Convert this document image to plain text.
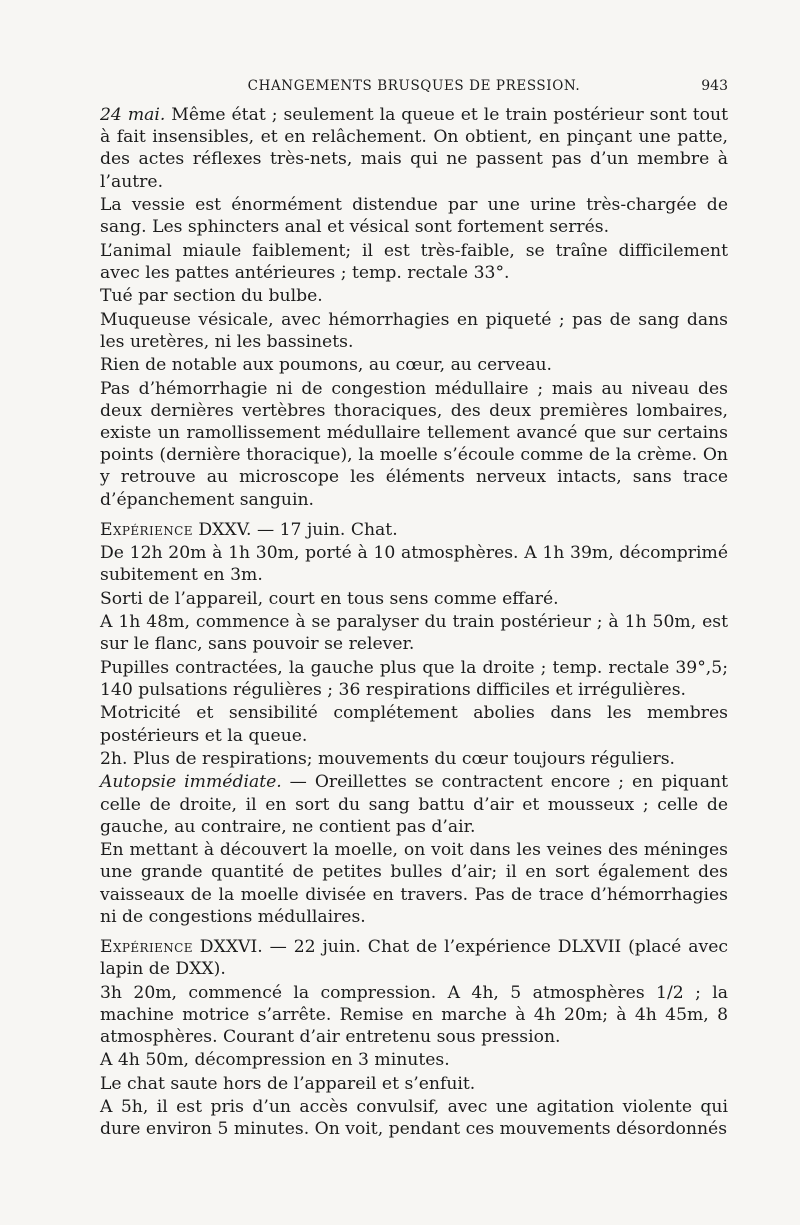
CHANGEMENTS BRUSQUES DE PRESSION.	943

24 mai. Même état ; seulement la queue et le train postérieur sont tout à fait insensibles, et en relâchement. On obtient, en pinçant une patte, des actes réflexes très-nets, mais qui ne passent pas d’un membre à l’autre.

La vessie est énormément distendue par une urine très-chargée de sang. Les sphincters anal et vésical sont fortement serrés.

L’animal miaule faiblement; il est très-faible, se traîne difficilement avec les pattes antérieures ; temp. rectale 33°.

Tué par section du bulbe.

Muqueuse vésicale, avec hémorrhagies en piqueté ; pas de sang dans les uretères, ni les bassinets.

Rien de notable aux poumons, au cœur, au cerveau.

Pas d’hémorrhagie ni de congestion médullaire ; mais au niveau des deux dernières vertèbres thoraciques, des deux premières lombaires, existe un ramollissement médullaire tellement avancé que sur certains points (dernière thoracique), la moelle s’écoule comme de la crème. On y retrouve au microscope les éléments nerveux intacts, sans trace d’épanchement sanguin.

Expérience DXXV. — 17 juin. Chat.

De 12h 20m à 1h 30m, porté à 10 atmosphères. A 1h 39m, décomprimé subitement en 3m.

Sorti de l’appareil, court en tous sens comme effaré.

A 1h 48m, commence à se paralyser du train postérieur ; à 1h 50m, est sur le flanc, sans pouvoir se relever.

Pupilles contractées, la gauche plus que la droite ; temp. rectale 39°,5; 140 pulsations régulières ; 36 respirations difficiles et irrégulières.

Motricité et sensibilité complétement abolies dans les membres postérieurs et la queue.

2h. Plus de respirations; mouvements du cœur toujours réguliers.

Autopsie immédiate. — Oreillettes se contractent encore ; en piquant celle de droite, il en sort du sang battu d’air et mousseux ; celle de gauche, au contraire, ne contient pas d’air.

En mettant à découvert la moelle, on voit dans les veines des méninges une grande quantité de petites bulles d’air; il en sort également des vaisseaux de la moelle divisée en travers. Pas de trace d’hémorrhagies ni de congestions médullaires.

Expérience DXXVI. — 22 juin. Chat de l’expérience DLXVII (placé avec lapin de DXX).

3h 20m, commencé la compression. A 4h, 5 atmosphères 1/2 ; la machine motrice s’arrête. Remise en marche à 4h 20m; à 4h 45m, 8 atmosphères. Courant d’air entretenu sous pression.

A 4h 50m, décompression en 3 minutes.

Le chat saute hors de l’appareil et s’enfuit.

A 5h, il est pris d’un accès convulsif, avec une agitation violente qui dure environ 5 minutes. On voit, pendant ces mouvements désordonnés
